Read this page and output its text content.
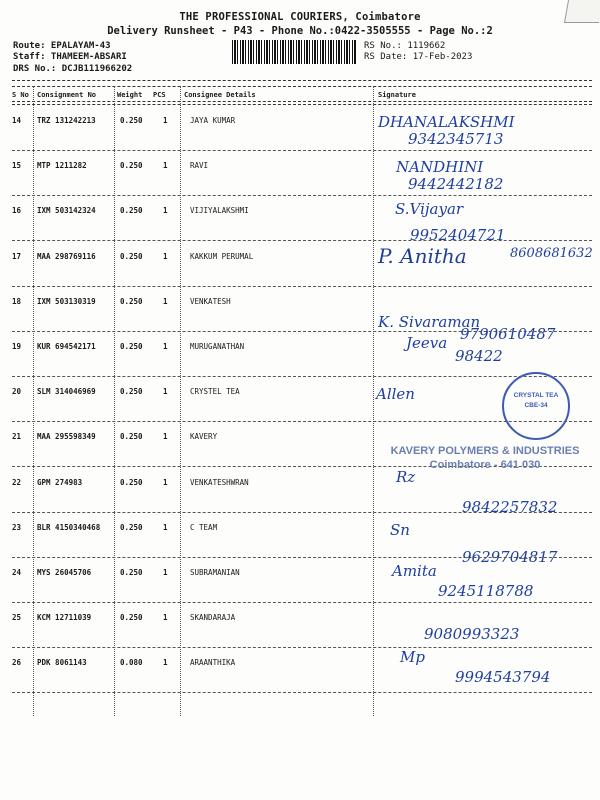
THE PROFESSIONAL COURIERS, Coimbatore
Delivery Runsheet - P43 - Phone No.:0422-3505555 - Page No.:2
Route: EPALAYAM-43
Staff: THAMEEM-ABSARI
DRS No.: DCJB111966202
RS No.: 1119662
RS Date: 17-Feb-2023
S No Consignment No	Weight PCS	Consignee Details	Signature
14 TRZ 131242213	0.250	1	JAYA KUMAR	DHANALAKSHMI
9342345713
15 MTP 1211282	0.250	1	RAVI	NANDHINI
9442442182
16 IXM 503142324	0.250	1	VIJIYALAKSHMI	S.Vijayar
9952404721
17 MAA 298769116	0.250	1	KAKKUM PERUMAL	P. Anitha	8608681632
18 IXM 503130319	0.250	1	VENKATESH
K. Sivaraman
9790610487
19 KUR 694542171	0.250	1	MURUGANATHAN	Jeeva
98422
20 SLM 314046969	0.250	1	CRYSTEL TEA	Allen
21 MAA 295598349	0.250	1	KAVERY
22 GPM 274983	0.250	1	VENKATESHWRAN	Rz
9842257832
23 BLR 4150340468	0.250	1	C TEAM	Sn
9629704817
24 MYS 26045706	0.250	1	SUBRAMANIAN	Amita
9245118788
25 KCM 12711039	0.250	1	SKANDARAJA
9080993323
26 PDK 8061143	0.080	1	ARAANTHIKA	Mp
9994543794
KAVERY POLYMERS & INDUSTRIES
Coimbatore - 641 030
CRYSTAL TEA
CBE-34
